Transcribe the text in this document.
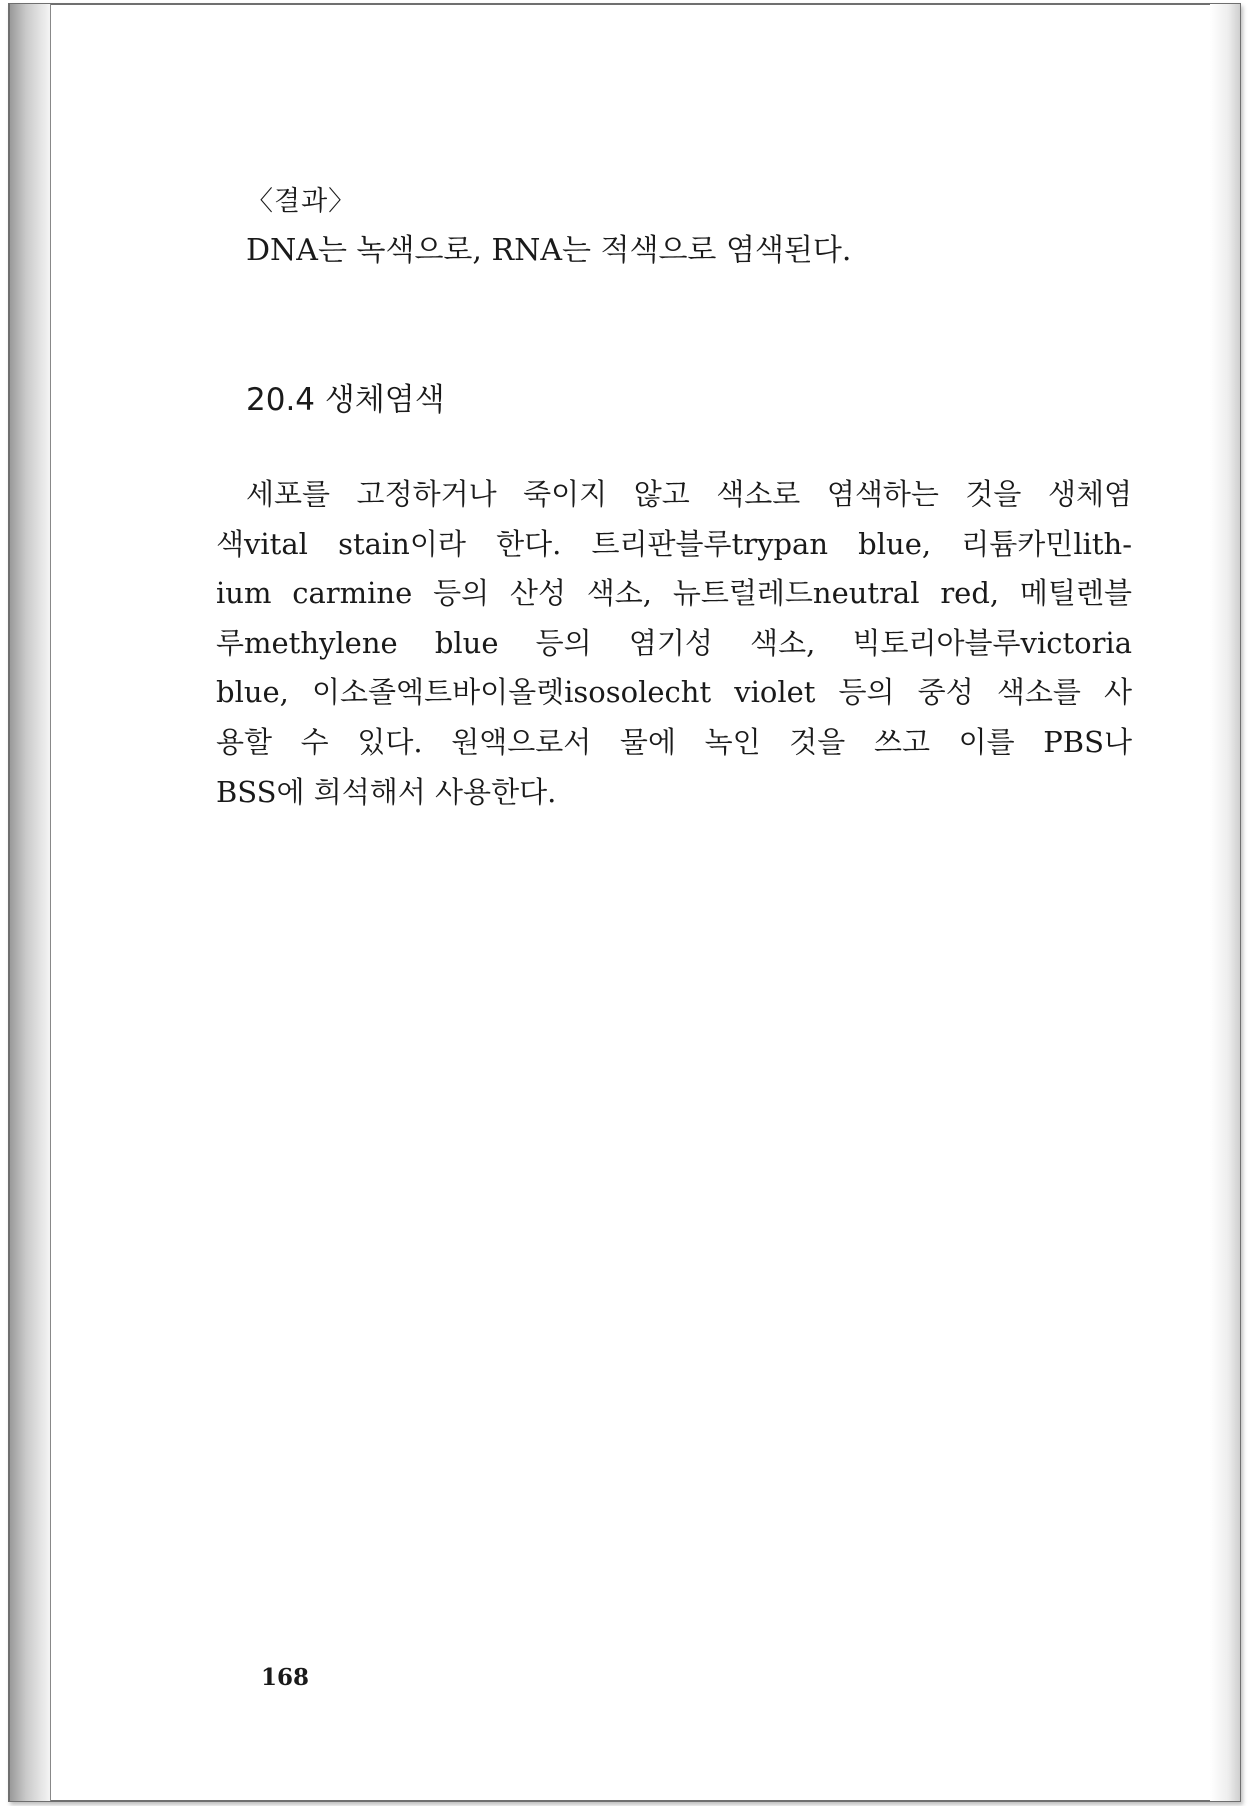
〈결과〉
DNA는 녹색으로, RNA는 적색으로 염색된다.
20.4 생체염색
세포를 고정하거나 죽이지 않고 색소로 염색하는 것을 생체염
색vital stain이라 한다. 트리판블루trypan blue, 리튬카민lith-
ium carmine 등의 산성 색소, 뉴트럴레드neutral red, 메틸렌블
루methylene blue 등의 염기성 색소, 빅토리아블루victoria
blue, 이소졸엑트바이올렛isosolecht violet 등의 중성 색소를 사
용할 수 있다. 원액으로서 물에 녹인 것을 쓰고 이를 PBS나
BSS에 희석해서 사용한다.
168
